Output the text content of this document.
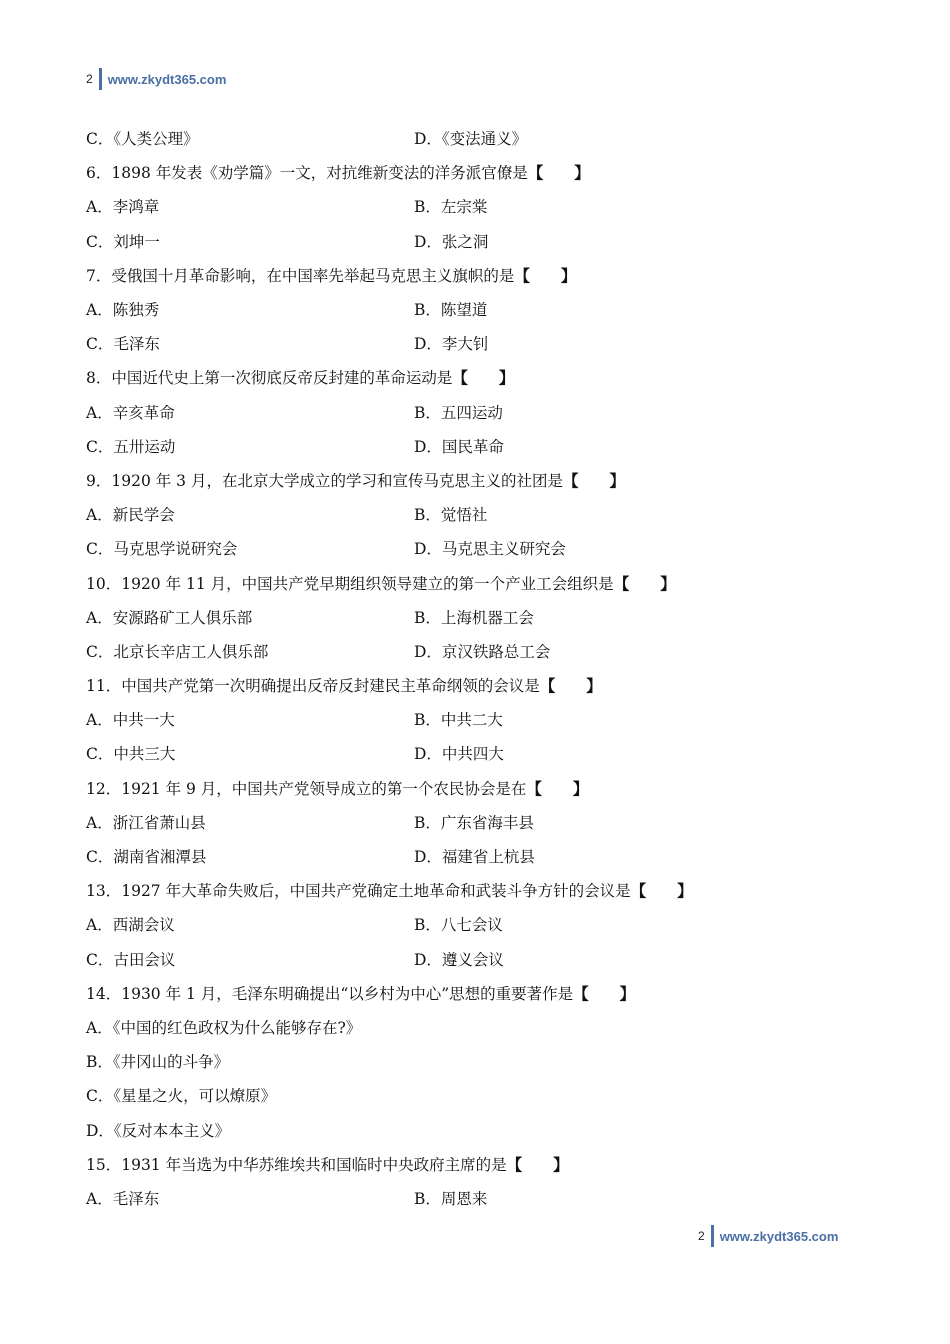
2 www.zkydt365.com
C．《人类公理》	D．《变法通义》
6．1898 年发表《劝学篇》一文，对抗维新变法的洋务派官僚是 【　　】
A．李鸿章	B．左宗棠
C．刘坤一	D．张之洞
7．受俄国十月革命影响，在中国率先举起马克思主义旗帜的是 【　　】
A．陈独秀	B．陈望道
C．毛泽东	D．李大钊
8．中国近代史上第一次彻底反帝反封建的革命运动是 【　　】
A．辛亥革命	B．五四运动
C．五卅运动	D．国民革命
9．1920 年 3 月，在北京大学成立的学习和宣传马克思主义的社团是 【　　】
A．新民学会	B．觉悟社
C．马克思学说研究会	D．马克思主义研究会
10．1920 年 11 月，中国共产党早期组织领导建立的第一个产业工会组织是 【　　】
A．安源路矿工人俱乐部	B．上海机器工会
C．北京长辛店工人俱乐部	D．京汉铁路总工会
11．中国共产党第一次明确提出反帝反封建民主革命纲领的会议是 【　　】
A．中共一大	B．中共二大
C．中共三大	D．中共四大
12．1921 年 9 月，中国共产党领导成立的第一个农民协会是在 【　　】
A．浙江省萧山县	B．广东省海丰县
C．湖南省湘潭县	D．福建省上杭县
13．1927 年大革命失败后，中国共产党确定土地革命和武装斗争方针的会议是 【　　】
A．西湖会议	B．八七会议
C．古田会议	D．遵义会议
14．1930 年 1 月，毛泽东明确提出“以乡村为中心”思想的重要著作是 【　　】
A．《中国的红色政权为什么能够存在?》
B．《井冈山的斗争》
C．《星星之火，可以燎原》
D．《反对本本主义》
15．1931 年当选为中华苏维埃共和国临时中央政府主席的是 【　　】
A．毛泽东	B．周恩来
2 www.zkydt365.com
